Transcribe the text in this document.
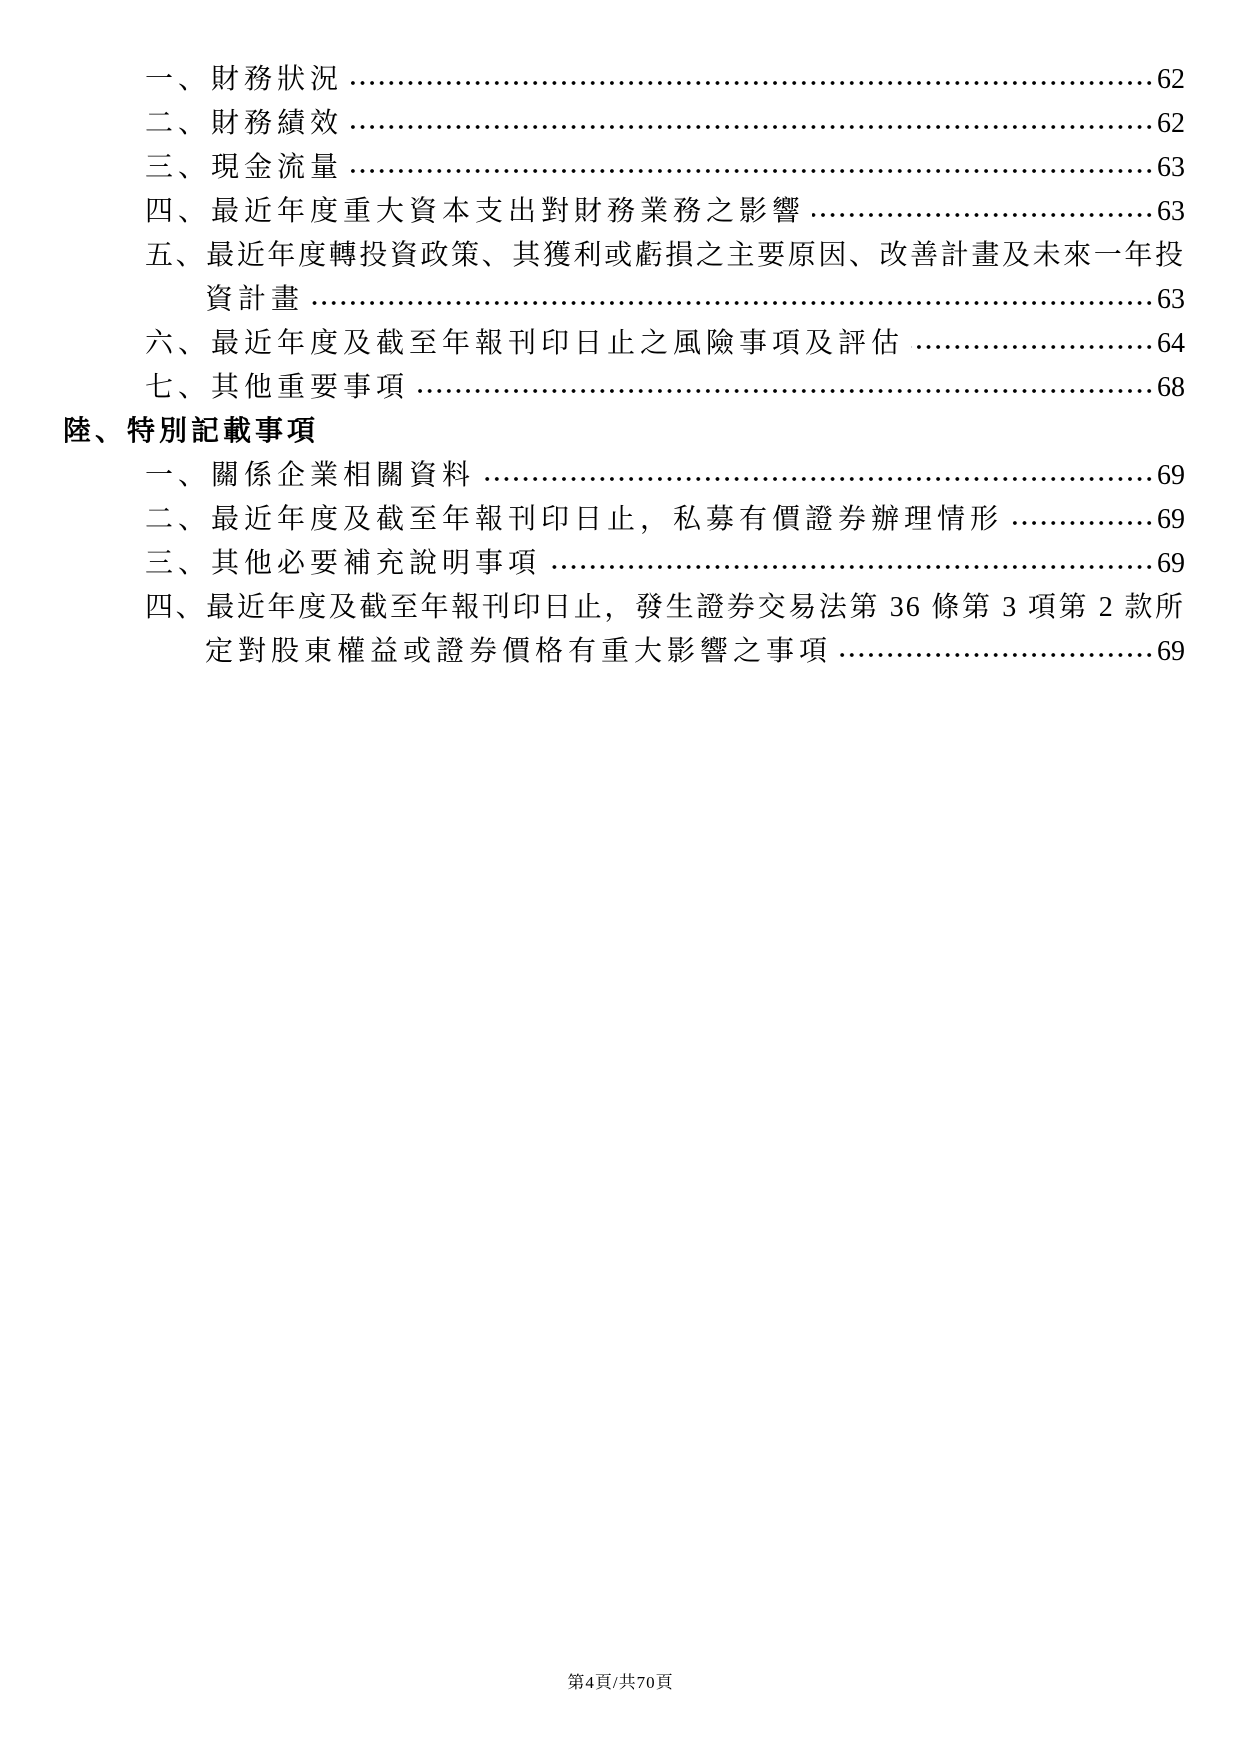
一、財務狀況	62
二、財務績效	62
三、現金流量	63
四、最近年度重大資本支出對財務業務之影響	63
五、最近年度轉投資政策、其獲利或虧損之主要原因、改善計畫及未來一年投
資計畫	63
六、最近年度及截至年報刊印日止之風險事項及評估	64
七、其他重要事項	68
陸、特別記載事項
一、關係企業相關資料	69
二、最近年度及截至年報刊印日止，私募有價證券辦理情形	69
三、其他必要補充說明事項	69
四、最近年度及截至年報刊印日止，發生證券交易法第 36 條第 3 項第 2 款所
定對股東權益或證券價格有重大影響之事項	69
第4頁/共70頁
